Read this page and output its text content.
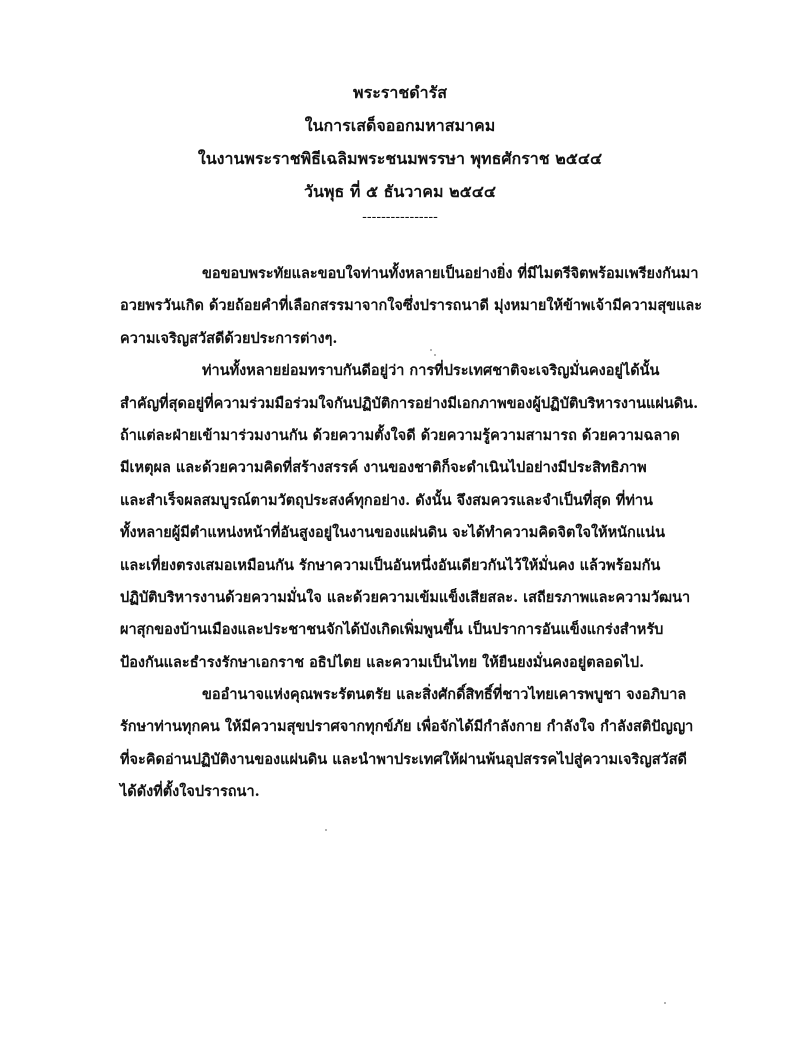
พระราชดำรัส
ในการเสด็จออกมหาสมาคม
ในงานพระราชพิธีเฉลิมพระชนมพรรษา พุทธศักราช ๒๕๔๔
วันพุธ ที่ ๕ ธันวาคม ๒๕๔๔
----------------
ขอขอบพระทัยและขอบใจท่านทั้งหลายเป็นอย่างยิ่ง ที่มีไมตรีจิตพร้อมเพรียงกันมา
อวยพรวันเกิด ด้วยถ้อยคำที่เลือกสรรมาจากใจซึ่งปรารถนาดี มุ่งหมายให้ข้าพเจ้ามีความสุขและ
ความเจริญสวัสดีด้วยประการต่างๆ.
ท่านทั้งหลายย่อมทราบกันดีอยู่ว่า การที่ประเทศชาติจะเจริญมั่นคงอยู่ได้นั้น
สำคัญที่สุดอยู่ที่ความร่วมมือร่วมใจกันปฏิบัติการอย่างมีเอกภาพของผู้ปฏิบัติบริหารงานแผ่นดิน.
ถ้าแต่ละฝ่ายเข้ามาร่วมงานกัน ด้วยความตั้งใจดี ด้วยความรู้ความสามารถ ด้วยความฉลาด
มีเหตุผล และด้วยความคิดที่สร้างสรรค์ งานของชาติก็จะดำเนินไปอย่างมีประสิทธิภาพ
และสำเร็จผลสมบูรณ์ตามวัตถุประสงค์ทุกอย่าง. ดังนั้น จึงสมควรและจำเป็นที่สุด ที่ท่าน
ทั้งหลายผู้มีตำแหน่งหน้าที่อันสูงอยู่ในงานของแผ่นดิน จะได้ทำความคิดจิตใจให้หนักแน่น
และเที่ยงตรงเสมอเหมือนกัน รักษาความเป็นอันหนึ่งอันเดียวกันไว้ให้มั่นคง แล้วพร้อมกัน
ปฏิบัติบริหารงานด้วยความมั่นใจ และด้วยความเข้มแข็งเสียสละ. เสถียรภาพและความวัฒนา
ผาสุกของบ้านเมืองและประชาชนจักได้บังเกิดเพิ่มพูนขึ้น เป็นปราการอันแข็งแกร่งสำหรับ
ป้องกันและธำรงรักษาเอกราช อธิปไตย และความเป็นไทย ให้ยืนยงมั่นคงอยู่ตลอดไป.
ขออำนาจแห่งคุณพระรัตนตรัย และสิ่งศักดิ์สิทธิ์ที่ชาวไทยเคารพบูชา จงอภิบาล
รักษาท่านทุกคน ให้มีความสุขปราศจากทุกข์ภัย เพื่อจักได้มีกำลังกาย กำลังใจ กำลังสติปัญญา
ที่จะคิดอ่านปฏิบัติงานของแผ่นดิน และนำพาประเทศให้ผ่านพ้นอุปสรรคไปสู่ความเจริญสวัสดี
ได้ดังที่ตั้งใจปรารถนา.
